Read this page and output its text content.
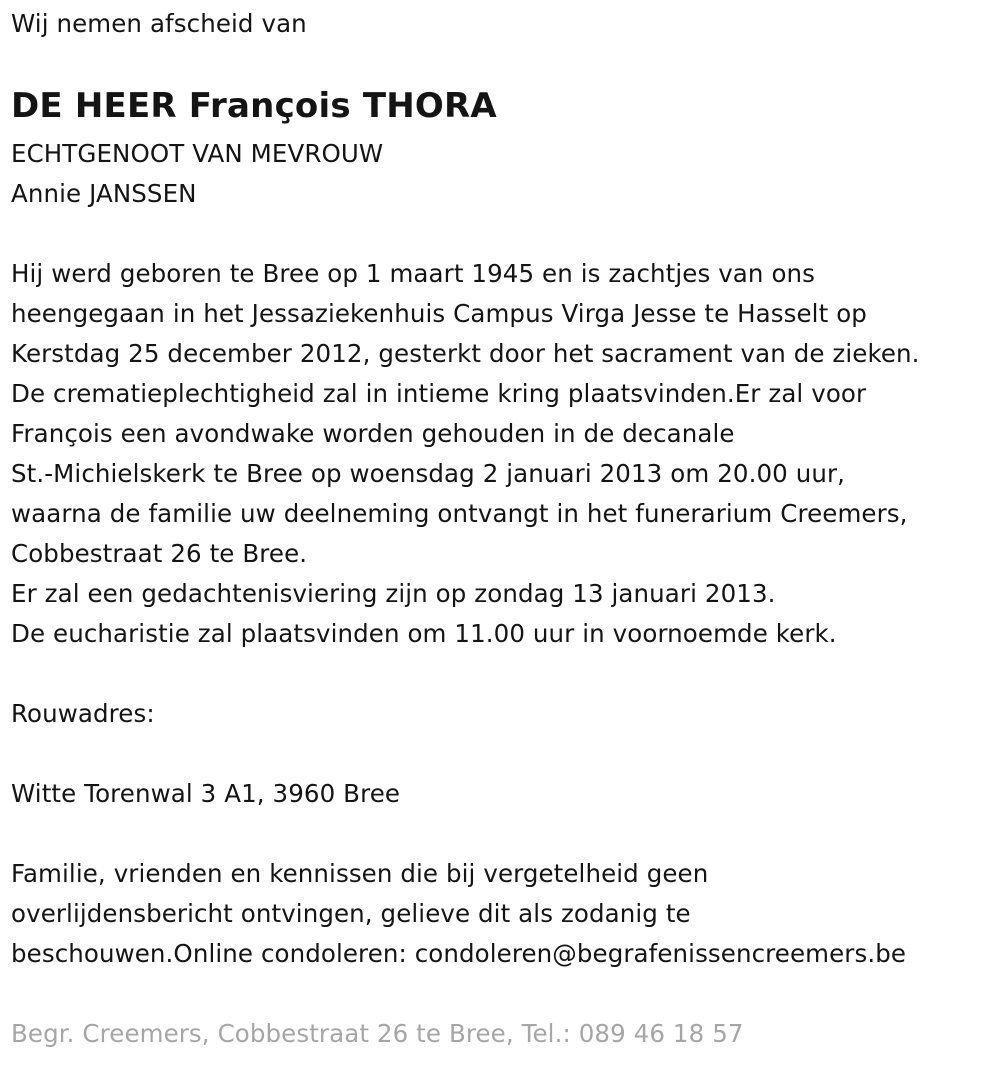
Wij nemen afscheid van
DE HEER François THORA
ECHTGENOOT VAN MEVROUW
Annie JANSSEN
Hij werd geboren te Bree op 1 maart 1945 en is zachtjes van ons
heengegaan in het Jessaziekenhuis Campus Virga Jesse te Hasselt op
Kerstdag 25 december 2012, gesterkt door het sacrament van de zieken.
De crematieplechtigheid zal in intieme kring plaatsvinden.Er zal voor
François een avondwake worden gehouden in de decanale
St.-Michielskerk te Bree op woensdag 2 januari 2013 om 20.00 uur,
waarna de familie uw deelneming ontvangt in het funerarium Creemers,
Cobbestraat 26 te Bree.
Er zal een gedachtenisviering zijn op zondag 13 januari 2013.
De eucharistie zal plaatsvinden om 11.00 uur in voornoemde kerk.
Rouwadres:
Witte Torenwal 3 A1, 3960 Bree
Familie, vrienden en kennissen die bij vergetelheid geen
overlijdensbericht ontvingen, gelieve dit als zodanig te
beschouwen.Online condoleren: condoleren@begrafenissencreemers.be
Begr. Creemers, Cobbestraat 26 te Bree, Tel.: 089 46 18 57
